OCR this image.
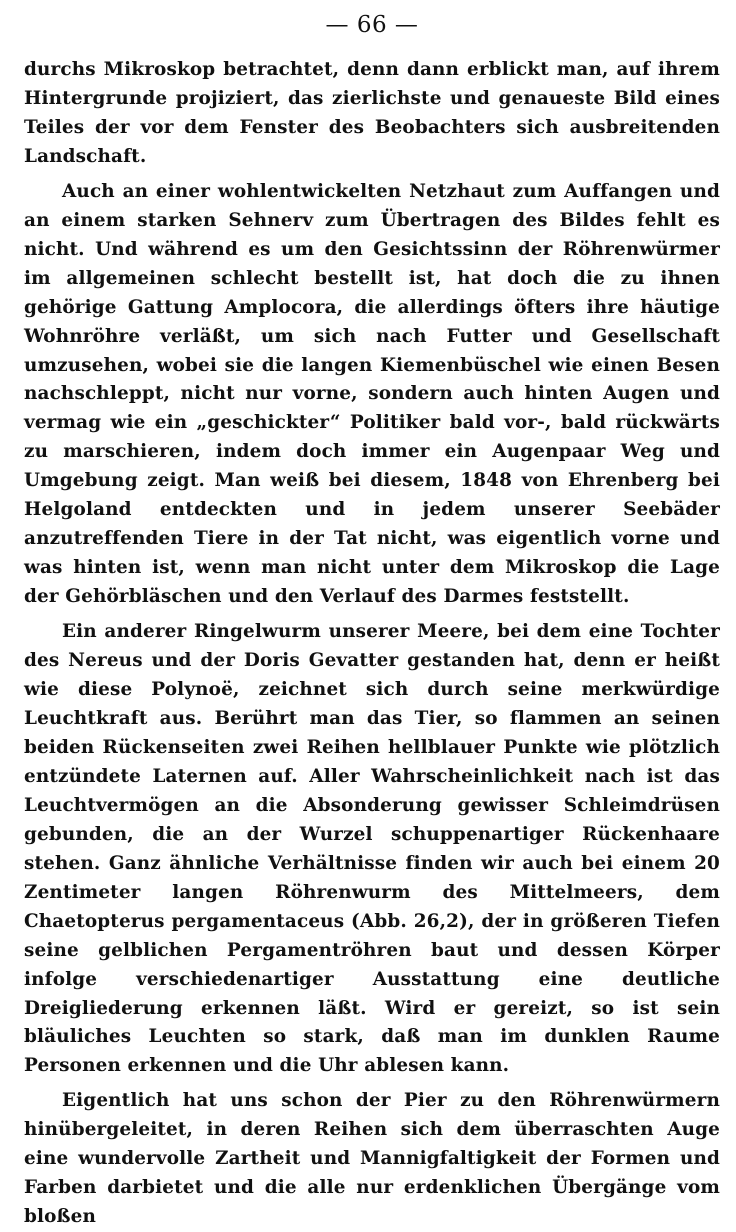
— 66 —

durchs Mikroskop betrachtet, denn dann erblickt man, auf ihrem Hintergrunde projiziert, das zierlichste und genaueste Bild eines Teiles der vor dem Fenster des Beobachters sich ausbreitenden Landschaft.

Auch an einer wohlentwickelten Netzhaut zum Auffangen und an einem starken Sehnerv zum Übertragen des Bildes fehlt es nicht. Und während es um den Gesichtssinn der Röhrenwürmer im allgemeinen schlecht bestellt ist, hat doch die zu ihnen gehörige Gattung Amplocora, die allerdings öfters ihre häutige Wohnröhre verläßt, um sich nach Futter und Gesellschaft umzusehen, wobei sie die langen Kiemenbüschel wie einen Besen nachschleppt, nicht nur vorne, sondern auch hinten Augen und vermag wie ein „geschickter“ Politiker bald vor-, bald rückwärts zu marschieren, indem doch immer ein Augenpaar Weg und Umgebung zeigt. Man weiß bei diesem, 1848 von Ehrenberg bei Helgoland entdeckten und in jedem unserer Seebäder anzutreffenden Tiere in der Tat nicht, was eigentlich vorne und was hinten ist, wenn man nicht unter dem Mikroskop die Lage der Gehörbläschen und den Verlauf des Darmes feststellt.

Ein anderer Ringelwurm unserer Meere, bei dem eine Tochter des Nereus und der Doris Gevatter gestanden hat, denn er heißt wie diese Polynoë, zeichnet sich durch seine merkwürdige Leuchtkraft aus. Berührt man das Tier, so flammen an seinen beiden Rückenseiten zwei Reihen hellblauer Punkte wie plötzlich entzündete Laternen auf. Aller Wahrscheinlichkeit nach ist das Leuchtvermögen an die Absonderung gewisser Schleimdrüsen gebunden, die an der Wurzel schuppenartiger Rückenhaare stehen. Ganz ähnliche Verhältnisse finden wir auch bei einem 20 Zentimeter langen Röhrenwurm des Mittelmeers, dem Chaetopterus pergamentaceus (Abb. 26,2), der in größeren Tiefen seine gelblichen Pergamentröhren baut und dessen Körper infolge verschiedenartiger Ausstattung eine deutliche Dreigliederung erkennen läßt. Wird er gereizt, so ist sein bläuliches Leuchten so stark, daß man im dunklen Raume Personen erkennen und die Uhr ablesen kann.

Eigentlich hat uns schon der Pier zu den Röhrenwürmern hinübergeleitet, in deren Reihen sich dem überraschten Auge eine wundervolle Zartheit und Mannigfaltigkeit der Formen und Farben darbietet und die alle nur erdenklichen Übergänge vom bloßen
